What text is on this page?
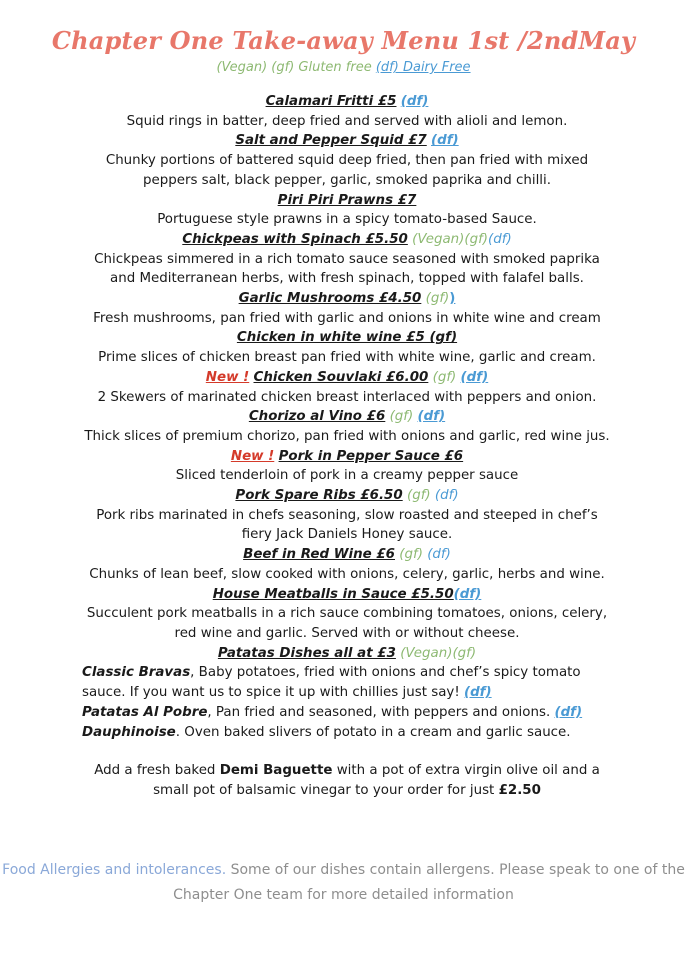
Chapter One Take-away Menu 1st /2ndMay
(Vegan) (gf) Gluten free (df) Dairy Free
Calamari Fritti £5 (df)
Squid rings in batter, deep fried and served with alioli and lemon.
Salt and Pepper Squid £7 (df)
Chunky portions of battered squid deep fried, then pan fried with mixed peppers salt, black pepper, garlic, smoked paprika and chilli.
Piri Piri Prawns £7
Portuguese style prawns in a spicy tomato-based Sauce.
Chickpeas with Spinach £5.50 (Vegan)(gf)(df)
Chickpeas simmered in a rich tomato sauce seasoned with smoked paprika and Mediterranean herbs, with fresh spinach, topped with falafel balls.
Garlic Mushrooms £4.50 (gf))
Fresh mushrooms, pan fried with garlic and onions in white wine and cream
Chicken in white wine £5 (gf)
Prime slices of chicken breast pan fried with white wine, garlic and cream.
New ! Chicken Souvlaki £6.00 (gf) (df)
2 Skewers of marinated chicken breast interlaced with peppers and onion.
Chorizo al Vino £6 (gf) (df)
Thick slices of premium chorizo, pan fried with onions and garlic, red wine jus.
New ! Pork in Pepper Sauce £6
Sliced tenderloin of pork in a creamy pepper sauce
Pork Spare Ribs £6.50 (gf) (df)
Pork ribs marinated in chefs seasoning, slow roasted and steeped in chef’s fiery Jack Daniels Honey sauce.
Beef in Red Wine £6 (gf) (df)
Chunks of lean beef, slow cooked with onions, celery, garlic, herbs and wine.
House Meatballs in Sauce £5.50(df)
Succulent pork meatballs in a rich sauce combining tomatoes, onions, celery, red wine and garlic. Served with or without cheese.
Patatas Dishes all at £3 (Vegan)(gf)
Classic Bravas, Baby potatoes, fried with onions and chef’s spicy tomato sauce. If you want us to spice it up with chillies just say! (df)
Patatas Al Pobre, Pan fried and seasoned, with peppers and onions. (df)
Dauphinoise. Oven baked slivers of potato in a cream and garlic sauce.
Add a fresh baked Demi Baguette with a pot of extra virgin olive oil and a small pot of balsamic vinegar to your order for just £2.50
Food Allergies and intolerances. Some of our dishes contain allergens. Please speak to one of the Chapter One team for more detailed information
